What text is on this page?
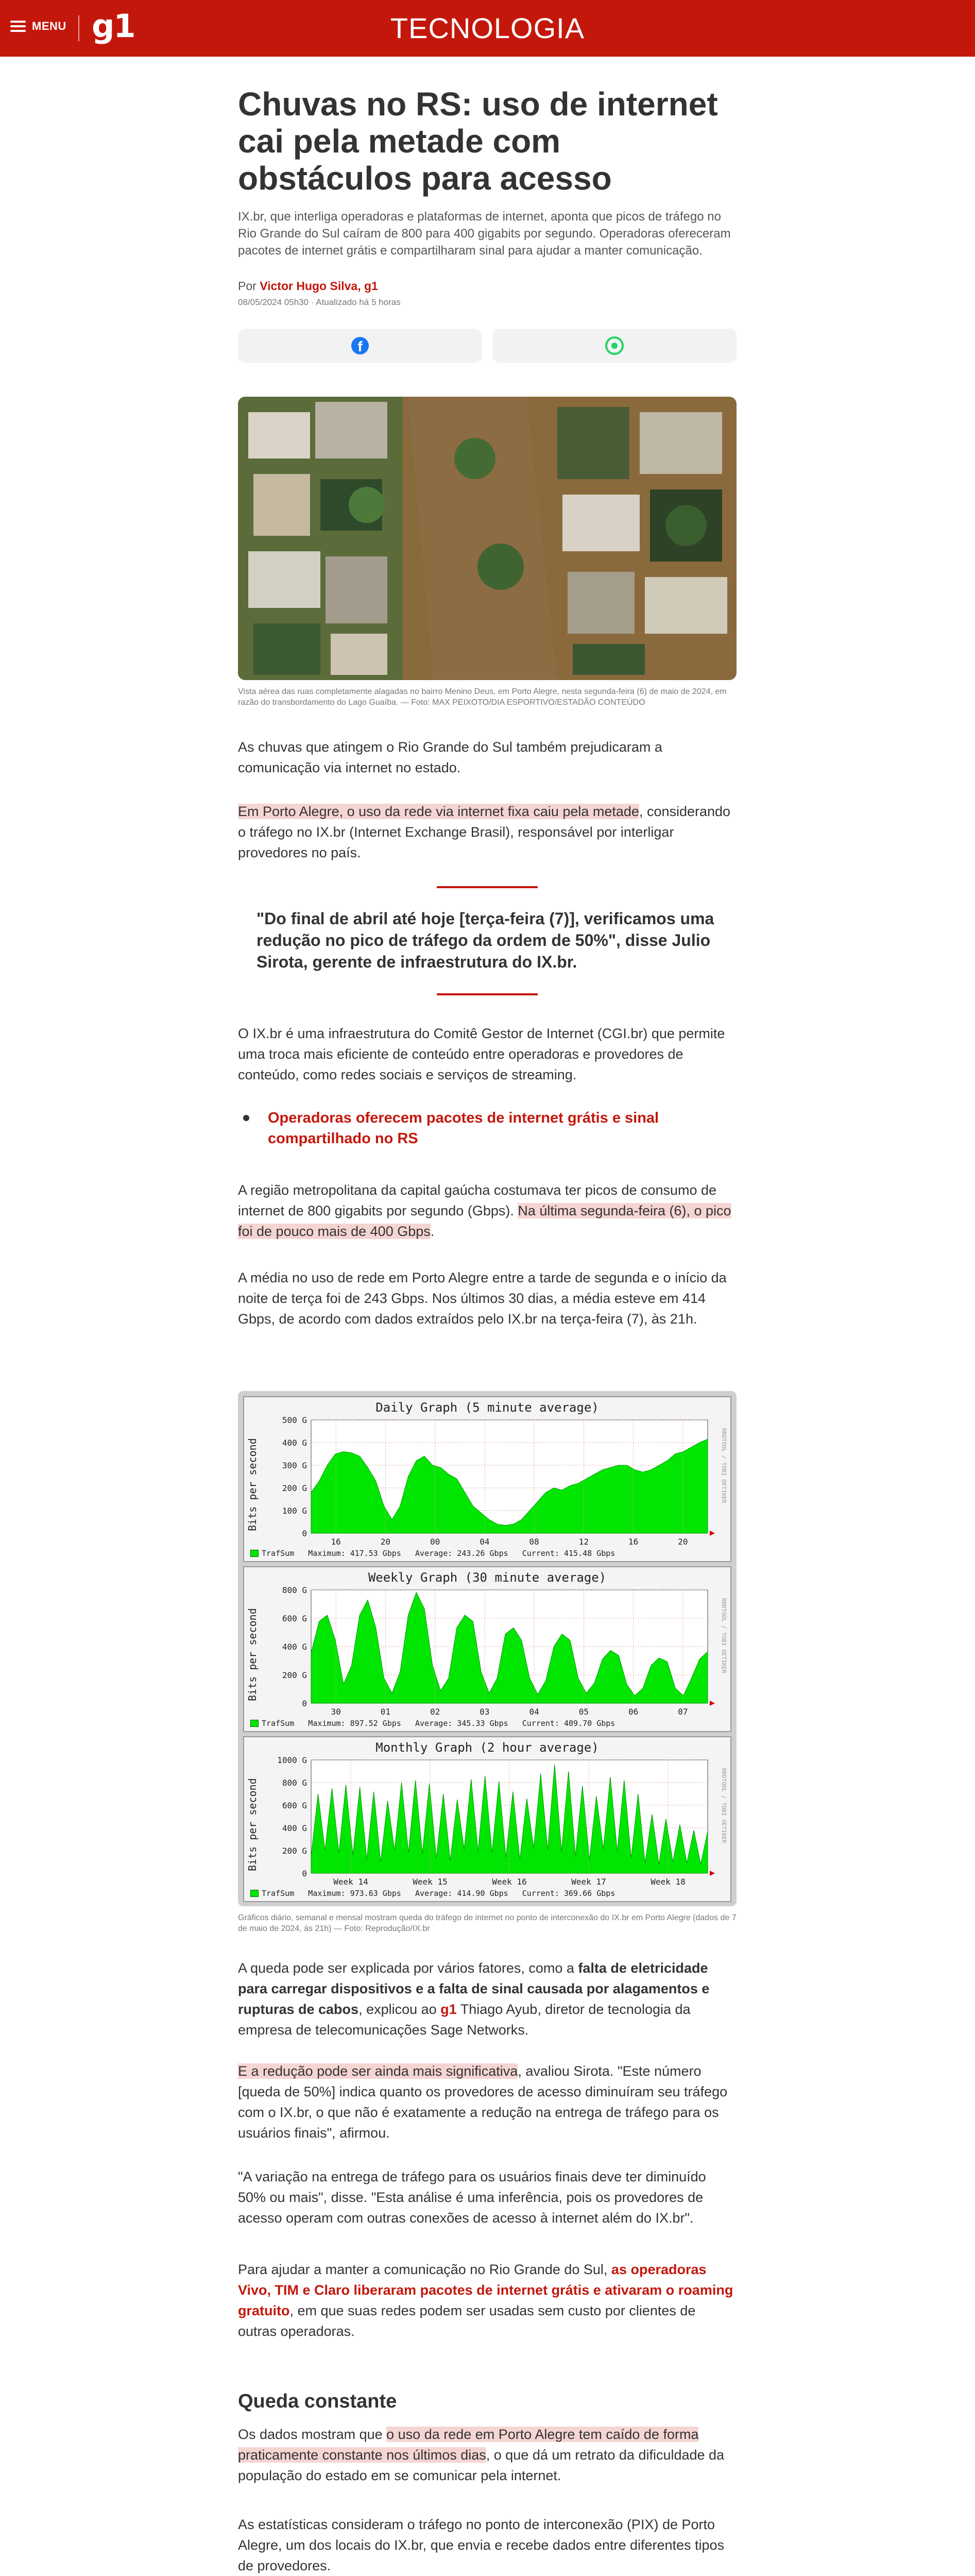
MENU g1	TECNOLOGIA
Chuvas no RS: uso de internet cai pela metade com obstáculos para acesso
IX.br, que interliga operadoras e plataformas de internet, aponta que picos de tráfego no Rio Grande do Sul caíram de 800 para 400 gigabits por segundo. Operadoras ofereceram pacotes de internet grátis e compartilharam sinal para ajudar a manter comunicação.
Por Victor Hugo Silva, g1
08/05/2024 05h30 · Atualizado há 5 horas
f
Vista aérea das ruas completamente alagadas no bairro Menino Deus, em Porto Alegre, nesta segunda-feira (6) de maio de 2024, em razão do transbordamento do Lago Guaíba. — Foto: MAX PEIXOTO/DIA ESPORTIVO/ESTADÃO CONTEÚDO

As chuvas que atingem o Rio Grande do Sul também prejudicaram a comunicação via internet no estado.

Em Porto Alegre, o uso da rede via internet fixa caiu pela metade, considerando o tráfego no IX.br (Internet Exchange Brasil), responsável por interligar provedores no país.

"Do final de abril até hoje [terça-feira (7)], verificamos uma redução no pico de tráfego da ordem de 50%", disse Julio Sirota, gerente de infraestrutura do IX.br.

O IX.br é uma infraestrutura do Comitê Gestor de Internet (CGI.br) que permite uma troca mais eficiente de conteúdo entre operadoras e provedores de conteúdo, como redes sociais e serviços de streaming.

Operadoras oferecem pacotes de internet grátis e sinal compartilhado no RS

A região metropolitana da capital gaúcha costumava ter picos de consumo de internet de 800 gigabits por segundo (Gbps). Na última segunda-feira (6), o pico foi de pouco mais de 400 Gbps.

A média no uso de rede em Porto Alegre entre a tarde de segunda e o início da noite de terça foi de 243 Gbps. Nos últimos 30 dias, a média esteve em 414 Gbps, de acordo com dados extraídos pelo IX.br na terça-feira (7), às 21h.

Daily Graph (5 minute average)
Bits per second	RRDTOOL / TOBI OETIKER
500 G
400 G
300 G
200 G
100 G
0
16	20	00	04	08	12	16	20
TrafSum   Maximum: 417.53 Gbps   Average: 243.26 Gbps   Current: 415.48 Gbps
Weekly Graph (30 minute average)
Bits per second	RRDTOOL / TOBI OETIKER
800 G
600 G
400 G
200 G
0
30	01	02	03	04	05	06	07
TrafSum   Maximum: 897.52 Gbps   Average: 345.33 Gbps   Current: 409.70 Gbps
Monthly Graph (2 hour average)
Bits per second	RRDTOOL / TOBI OETIKER
1000 G
800 G
600 G
400 G
200 G
0
Week 14	Week 15	Week 16	Week 17	Week 18
TrafSum   Maximum: 973.63 Gbps   Average: 414.90 Gbps   Current: 369.66 Gbps
Gráficos diário, semanal e mensal mostram queda do tráfego de internet no ponto de interconexão do IX.br em Porto Alegre (dados de 7 de maio de 2024, às 21h) — Foto: Reprodução/IX.br

A queda pode ser explicada por vários fatores, como a falta de eletricidade para carregar dispositivos e a falta de sinal causada por alagamentos e rupturas de cabos, explicou ao g1 Thiago Ayub, diretor de tecnologia da empresa de telecomunicações Sage Networks.

E a redução pode ser ainda mais significativa, avaliou Sirota. "Este número [queda de 50%] indica quanto os provedores de acesso diminuíram seu tráfego com o IX.br, o que não é exatamente a redução na entrega de tráfego para os usuários finais", afirmou.

"A variação na entrega de tráfego para os usuários finais deve ter diminuído 50% ou mais", disse. "Esta análise é uma inferência, pois os provedores de acesso operam com outras conexões de acesso à internet além do IX.br".

Para ajudar a manter a comunicação no Rio Grande do Sul, as operadoras Vivo, TIM e Claro liberaram pacotes de internet grátis e ativaram o roaming gratuito, em que suas redes podem ser usadas sem custo por clientes de outras operadoras.

Queda constante

Os dados mostram que o uso da rede em Porto Alegre tem caído de forma praticamente constante nos últimos dias, o que dá um retrato da dificuldade da população do estado em se comunicar pela internet.

As estatísticas consideram o tráfego no ponto de interconexão (PIX) de Porto Alegre, um dos locais do IX.br, que envia e recebe dados entre diferentes tipos de provedores.
